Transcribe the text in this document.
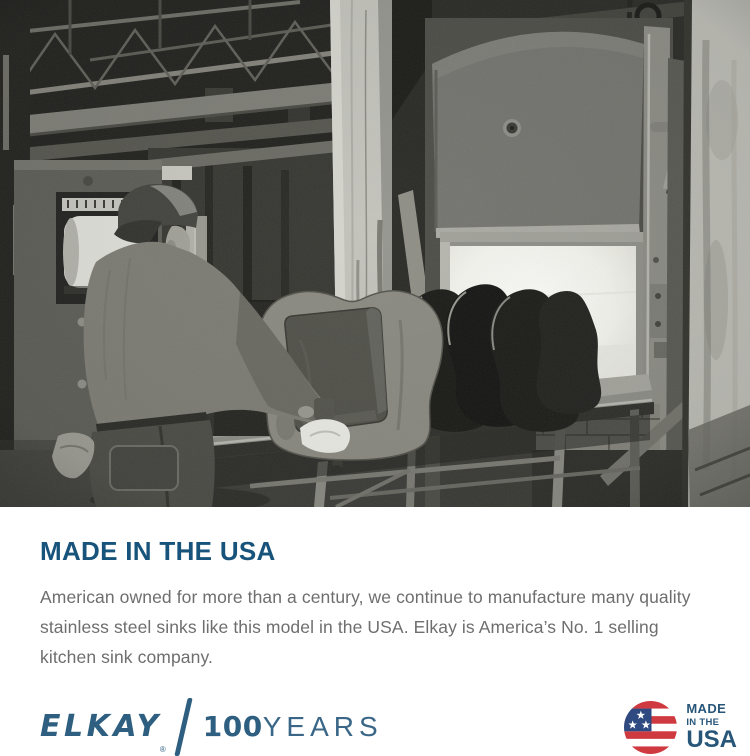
MADE IN THE USA

American owned for more than a century, we continue to manufacture many quality stainless steel sinks like this model in the USA. Elkay is America’s No. 1 selling kitchen sink company.

ELKAY
®
100 YEARS
MADE
IN THE
USA
